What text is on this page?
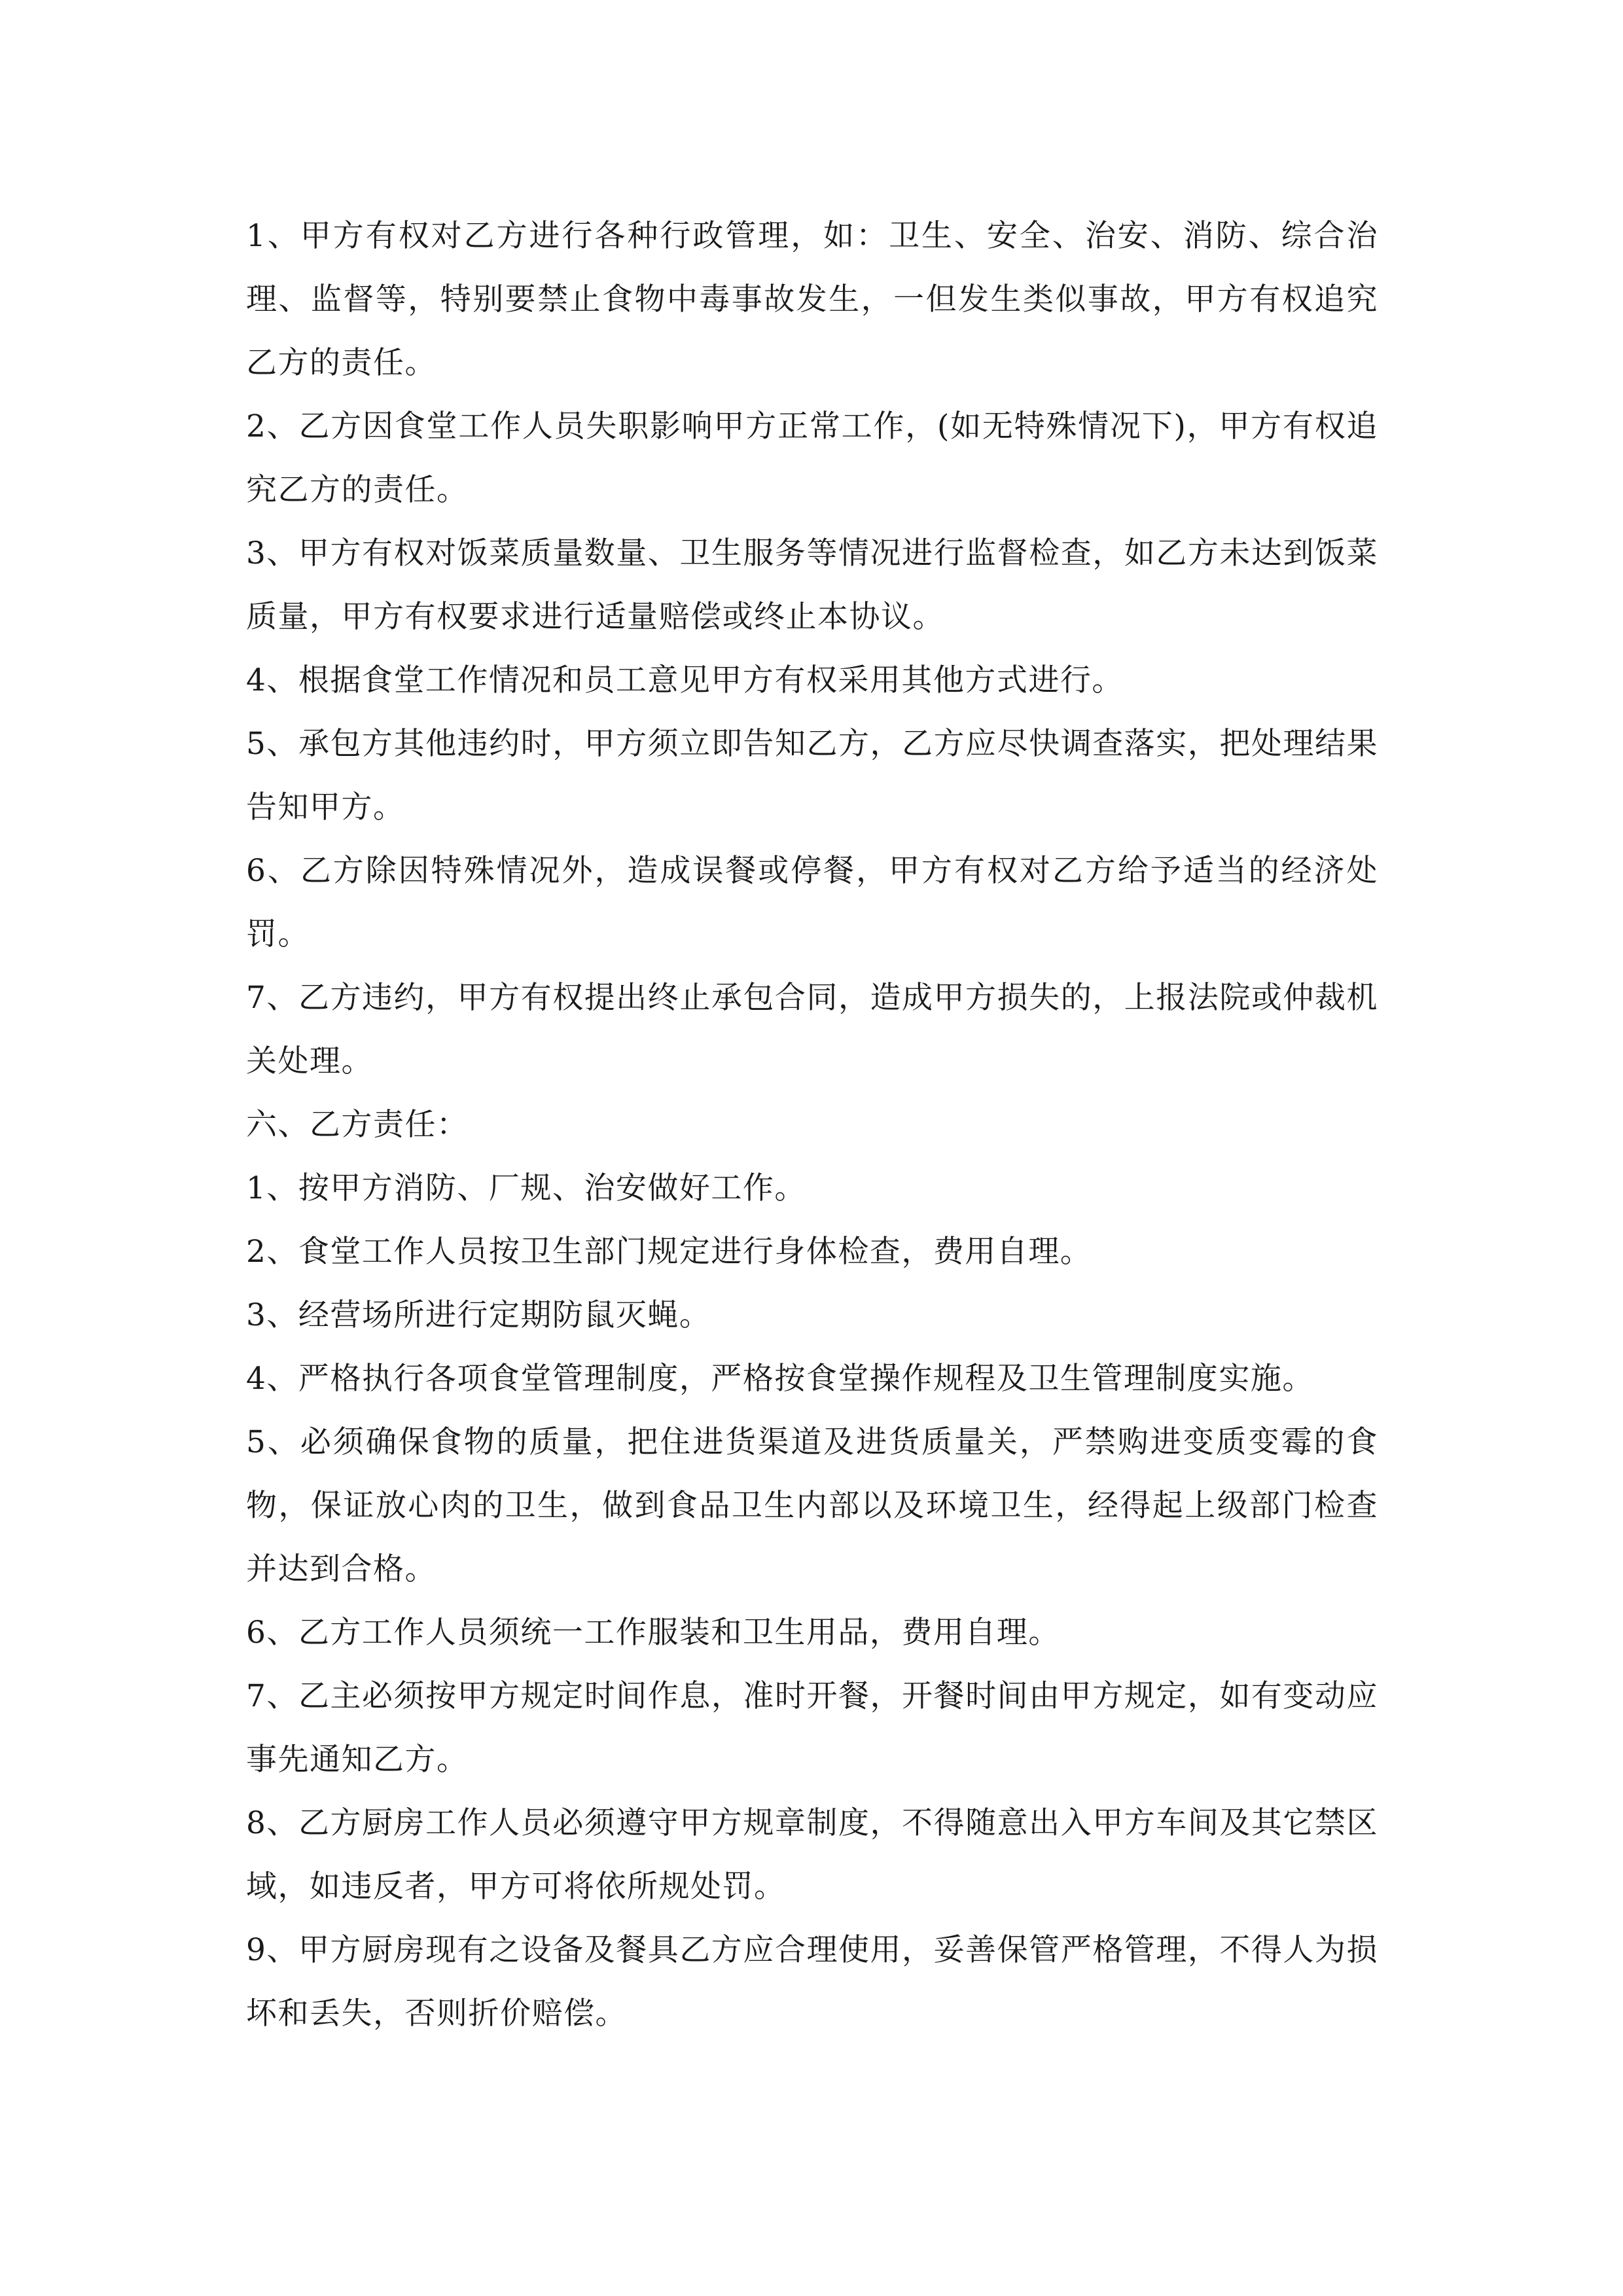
1、甲方有权对乙方进行各种行政管理，如：卫生、安全、治安、消防、综合治理、监督等，特别要禁止食物中毒事故发生，一但发生类似事故，甲方有权追究乙方的责任。

2、乙方因食堂工作人员失职影响甲方正常工作，(如无特殊情况下)，甲方有权追究乙方的责任。

3、甲方有权对饭菜质量数量、卫生服务等情况进行监督检查，如乙方未达到饭菜质量，甲方有权要求进行适量赔偿或终止本协议。

4、根据食堂工作情况和员工意见甲方有权采用其他方式进行。

5、承包方其他违约时，甲方须立即告知乙方，乙方应尽快调查落实，把处理结果告知甲方。

6、乙方除因特殊情况外，造成误餐或停餐，甲方有权对乙方给予适当的经济处罚。

7、乙方违约，甲方有权提出终止承包合同，造成甲方损失的，上报法院或仲裁机关处理。

六、乙方责任：

1、按甲方消防、厂规、治安做好工作。

2、食堂工作人员按卫生部门规定进行身体检查，费用自理。

3、经营场所进行定期防鼠灭蝇。

4、严格执行各项食堂管理制度，严格按食堂操作规程及卫生管理制度实施。

5、必须确保食物的质量，把住进货渠道及进货质量关，严禁购进变质变霉的食物，保证放心肉的卫生，做到食品卫生内部以及环境卫生，经得起上级部门检查并达到合格。

6、乙方工作人员须统一工作服装和卫生用品，费用自理。

7、乙主必须按甲方规定时间作息，准时开餐，开餐时间由甲方规定，如有变动应事先通知乙方。

8、乙方厨房工作人员必须遵守甲方规章制度，不得随意出入甲方车间及其它禁区域，如违反者，甲方可将依所规处罚。

9、甲方厨房现有之设备及餐具乙方应合理使用，妥善保管严格管理，不得人为损坏和丢失，否则折价赔偿。
